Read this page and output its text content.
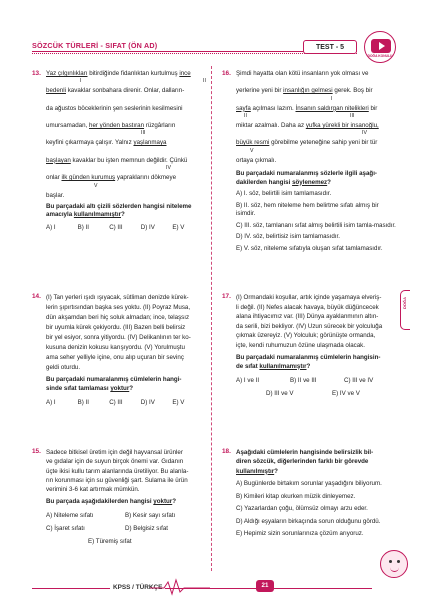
SÖZCÜK TÜRLERİ - SIFAT (ÖN AD)	TEST - 5
DOĞA KONULU
DOĞA
13. Yaz çılgınlıkları bitirdiğinde fidanlıktan kurtulmuş ince
I	II
bedenli kavaklar sonbahara direnir. Onlar, dalların-
da ağustos böceklerinin şen seslerinin kesilmesini
umursamadan, her yönden bastıran rüzgârların
III
keyfini çıkarmaya çalışır. Yalnız yaşlanmaya
başlayan kavaklar bu işten memnun değildir. Çünkü
IV
onlar ilk günden kurumuş yapraklarını dökmeye
V
başlar.
Bu parçadaki altı çizili sözlerden hangisi niteleme
amacıyla kullanılmamıştır?
A) I	B) II	C) III	D) IV	E) V
14. (I) Tan yerleri ışıdı ışıyacak, sütliman denizde kürek-
lerin şıpırtısından başka ses yoktu. (II) Poyraz Musa,
dün akşamdan beri hiç soluk almadan; ince, telaşsız
bir uyumla kürek çekiyordu. (III) Bazen belli belirsiz
bir yel esiyor, sonra yitiyordu. (IV) Delikanlının ter ko-
kusuna denizin kokusu karışıyordu. (V) Yorulmuştu
ama seher yelliyle içine, onu alıp uçuran bir sevinç
geldi oturdu.
Bu parçadaki numaralanmış cümlelerin hangi-
sinde sıfat tamlaması yoktur?
A) I	B) II	C) III	D) IV	E) V
15. Sadece bitkisel üretim için değil hayvansal ürünler
ve gıdalar için de suyun birçok önemi var. Gıdanın
üçte ikisi kullu tarım alanlarında üretiliyor. Bu alanla-
rın korunması için su güvenliği şart. Sulama ile ürün
verimini 3-6 kat artırmak mümkün.
Bu parçada aşağıdakilerden hangisi yoktur?
A) Niteleme sıfatı	B) Kesir sayı sıfatı
C) İşaret sıfatı	D) Belgisiz sıfat
E) Türemiş sıfat
16. Şimdi hayatta olan kötü insanların yok olması ve
yerlerine yeni bir insanlığın gelmesi gerek. Boş bir
I
sayfa açılması lazım. İnsanın saldırgan nitelikleri bir
II	III
miktar azalmalı. Daha az yufka yürekli bir insanoğlu,
IV
büyük resmi görebilme yeteneğine sahip yeni bir tür
V
ortaya çıkmalı.
Bu parçadaki numaralanmış sözlerle ilgili aşağı-
dakilerden hangisi söylenemez?
A) I. söz, belirtili isim tamlamasıdır.
B) II. söz, hem niteleme hem belirtme sıfatı almış bir isimdir.
C) III. söz, tamlananı sıfat almış belirtili isim tamla-masıdır.
D) IV. söz, belirtisiz isim tamlamasıdır.
E) V. söz, niteleme sıfatıyla oluşan sıfat tamlamasıdır.
17. (I) Ormandaki koşullar, artık içinde yaşamaya elveriş-
li değil. (II) Nefes alacak havaya, büyük düğüncecek
alana ihtiyacımız var. (III) Dünya ayaklanmının altın-
da serili, bizi bekliyor. (IV) Uzun sürecek bir yolculuğa
çıkmak üzereyiz. (V) Yolculuk; görünüşte ormanda,
içte, kendi ruhumuzun özüne ulaşmada olacak.
Bu parçadaki numaralanmış cümlelerin hangisin-
de sıfat kullanılmamıştır?
A) I ve II	B) II ve III	C) III ve IV
D) III ve V	E) IV ve V
18. Aşağıdaki cümlelerin hangisinde belirsizlik bil-
diren sözcük, diğerlerinden farklı bir görevde
kullanılmıştır?
A) Bugünlerde birtakım sorunlar yaşadığını biliyorum.
B) Kimileri kitap okurken müzik dinleyemez.
C) Yazarlardan çoğu, ölümsüz olmayı arzu eder.
D) Aldığı eşyaların birkaçında sorun olduğunu gördü.
E) Hepimiz sizin sorunlarınıza çözüm arıyoruz.
KPSS / TÜRKÇE	21
